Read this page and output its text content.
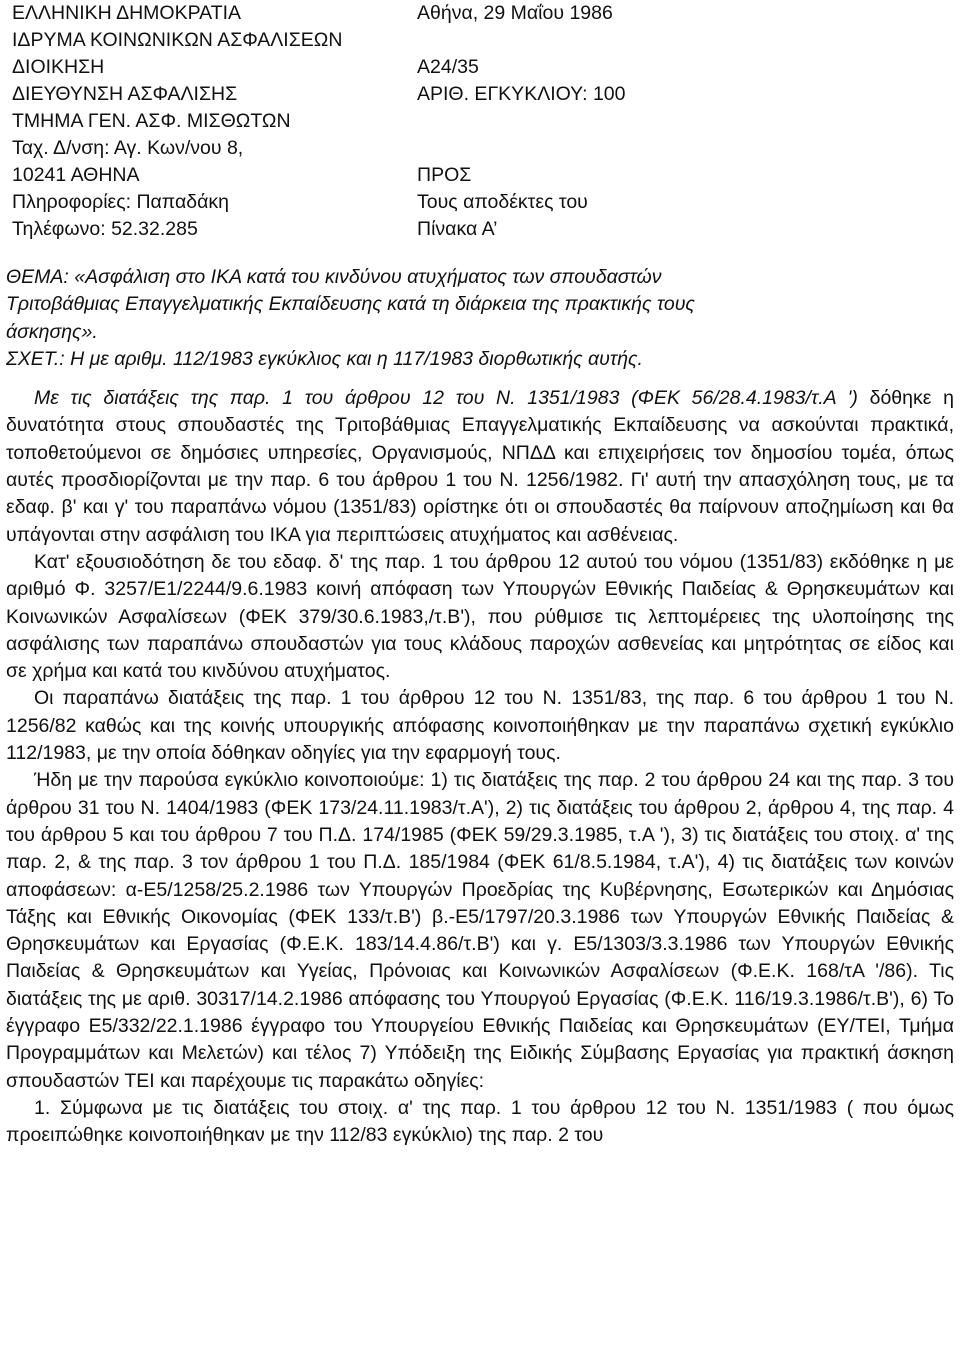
ΕΛΛΗΝΙΚΗ ΔΗΜΟΚΡΑΤΙΑ	Αθήνα, 29 Μαΐου 1986
ΙΔΡΥΜΑ ΚΟΙΝΩΝΙΚΩΝ ΑΣΦΑΛΙΣΕΩΝ
ΔΙΟΙΚΗΣΗ	Α24/35
ΔΙΕΥΘΥΝΣΗ ΑΣΦΑΛΙΣΗΣ	ΑΡΙΘ. ΕΓΚΥΚΛΙΟΥ: 100
ΤΜΗΜΑ ΓΕΝ. ΑΣΦ. ΜΙΣΘΩΤΩΝ
Ταχ. Δ/νση: Αγ. Κων/νου 8,
10241 ΑΘΗΝΑ	ΠΡΟΣ
Πληροφορίες: Παπαδάκη	Τους αποδέκτες του
Τηλέφωνο: 52.32.285	Πίνακα Α’
ΘΕΜΑ: «Ασφάλιση στο ΙΚΑ κατά του κινδύνου ατυχήματος των σπουδαστών
Τριτοβάθμιας Επαγγελματικής Εκπαίδευσης κατά τη διάρκεια της πρακτικής τους
άσκησης».
ΣΧΕΤ.: Η με αριθμ. 112/1983 εγκύκλιος και η 117/1983 διορθωτικής αυτής.

Με τις διατάξεις της παρ. 1 του άρθρου 12 του Ν. 1351/1983 (ΦΕΚ 56/28.4.1983/τ.Α ') δόθηκε η δυνατότητα στους σπουδαστές της Τριτοβάθμιας Επαγγελματικής Εκπαίδευσης να ασκούνται πρακτικά, τοποθετούμενοι σε δημόσιες υπηρεσίες, Οργανισμούς, ΝΠΔΔ και επιχειρήσεις τον δημοσίου τομέα, όπως αυτές προσδιορίζονται με την παρ. 6 του άρθρου 1 του Ν. 1256/1982. Γι' αυτή την απασχόληση τους, με τα εδαφ. β' και γ' του παραπάνω νόμου (1351/83) ορίστηκε ότι οι σπουδαστές θα παίρνουν αποζημίωση και θα υπάγονται στην ασφάλιση του ΙΚΑ για περιπτώσεις ατυχήματος και ασθένειας.

Κατ' εξουσιοδότηση δε του εδαφ. δ' της παρ. 1 του άρθρου 12 αυτού του νόμου (1351/83) εκδόθηκε η με αριθμό Φ. 3257/Ε1/2244/9.6.1983 κοινή απόφαση των Υπουργών Εθνικής Παιδείας & Θρησκευμάτων και Κοινωνικών Ασφαλίσεων (ΦΕΚ 379/30.6.1983,/τ.Β'), που ρύθμισε τις λεπτομέρειες της υλοποίησης της ασφάλισης των παραπάνω σπουδαστών για τους κλάδους παροχών ασθενείας και μητρότητας σε είδος και σε χρήμα και κατά του κινδύνου ατυχήματος.

Οι παραπάνω διατάξεις της παρ. 1 του άρθρου 12 του Ν. 1351/83, της παρ. 6 του άρθρου 1 του Ν. 1256/82 καθώς και της κοινής υπουργικής απόφασης κοινοποιήθηκαν με την παραπάνω σχετική εγκύκλιο 112/1983, με την οποία δόθηκαν οδηγίες για την εφαρμογή τους.

Ήδη με την παρούσα εγκύκλιο κοινοποιούμε: 1) τις διατάξεις της παρ. 2 του άρθρου 24 και της παρ. 3 του άρθρου 31 του Ν. 1404/1983 (ΦΕΚ 173/24.11.1983/τ.Α'), 2) τις διατάξεις του άρθρου 2, άρθρου 4, της παρ. 4 του άρθρου 5 και του άρθρου 7 του Π.Δ. 174/1985 (ΦΕΚ 59/29.3.1985, τ.Α '), 3) τις διατάξεις του στοιχ. α' της παρ. 2, & της παρ. 3 τον άρθρου 1 του Π.Δ. 185/1984 (ΦΕΚ 61/8.5.1984, τ.Α'), 4) τις διατάξεις των κοινών αποφάσεων: α-Ε5/1258/25.2.1986 των Υπουργών Προεδρίας της Κυβέρνησης, Εσωτερικών και Δημόσιας Τάξης και Εθνικής Οικονομίας (ΦΕΚ 133/τ.Β') β.-Ε5/1797/20.3.1986 των Υπουργών Εθνικής Παιδείας & Θρησκευμάτων και Εργασίας (Φ.Ε.Κ. 183/14.4.86/τ.Β') και γ. Ε5/1303/3.3.1986 των Υπουργών Εθνικής Παιδείας & Θρησκευμάτων και Υγείας, Πρόνοιας και Κοινωνικών Ασφαλίσεων (Φ.Ε.Κ. 168/τΑ '/86). Τις διατάξεις της με αριθ. 30317/14.2.1986 απόφασης του Υπουργού Εργασίας (Φ.Ε.Κ. 116/19.3.1986/τ.Β'), 6) Το έγγραφο Ε5/332/22.1.1986 έγγραφο του Υπουργείου Εθνικής Παιδείας και Θρησκευμάτων (ΕΥ/ΤΕΙ, Τμήμα Προγραμμάτων και Μελετών) και τέλος 7) Υπόδειξη της Ειδικής Σύμβασης Εργασίας για πρακτική άσκηση σπουδαστών ΤΕΙ και παρέχουμε τις παρακάτω οδηγίες:

1. Σύμφωνα με τις διατάξεις του στοιχ. α' της παρ. 1 του άρθρου 12 του Ν. 1351/1983 ( που όμως προειπώθηκε κοινοποιήθηκαν με την 112/83 εγκύκλιο) της παρ. 2 του
